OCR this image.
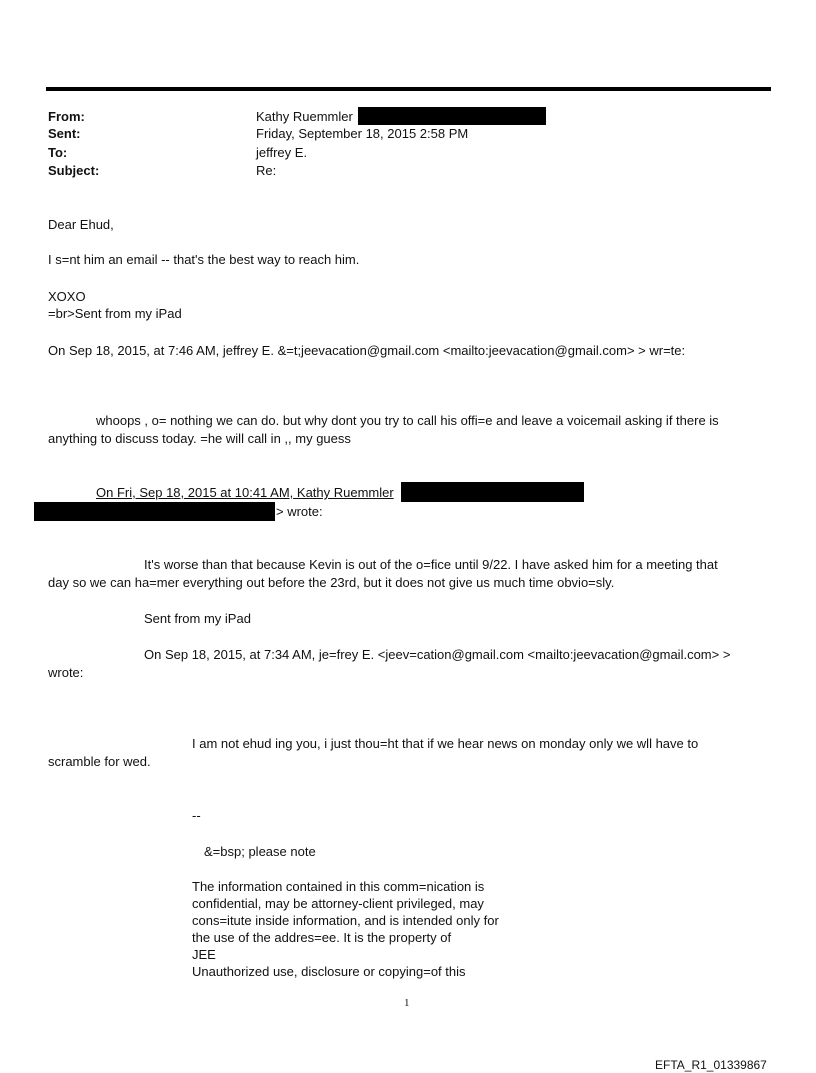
From:
Sent:
To:
Subject:
Kathy Ruemmler
Friday, September 18, 2015 2:58 PM
jeffrey E.
Re:
Dear Ehud,
I s=nt him an email -- that's the best way to reach him.
XOXO
=br>Sent from my iPad
On Sep 18, 2015, at 7:46 AM, jeffrey E. &=t;jeevacation@gmail.com <mailto:jeevacation@gmail.com> > wr=te:
whoops , o= nothing we can do. but why dont you try to call his offi=e and leave a voicemail asking if there is
anything to discuss today. =he will call in ,, my guess
On Fri, Sep 18, 2015 at 10:41 AM, Kathy Ruemmler
> wrote:
It's worse than that because Kevin is out of the o=fice until 9/22. I have asked him for a meeting that
day so we can ha=mer everything out before the 23rd, but it does not give us much time obvio=sly.
Sent from my iPad
On Sep 18, 2015, at 7:34 AM, je=frey E. <jeev=cation@gmail.com <mailto:jeevacation@gmail.com> >
wrote:
I am not ehud ing you, i just thou=ht that if we hear news on monday only we wll have to
scramble for wed.
--
&=bsp; please note
The information contained in this comm=nication is
confidential, may be attorney-client privileged, may
cons=itute inside information, and is intended only for
the use of the addres=ee. It is the property of
JEE
Unauthorized use, disclosure or copying=of this
1
EFTA_R1_01339867
